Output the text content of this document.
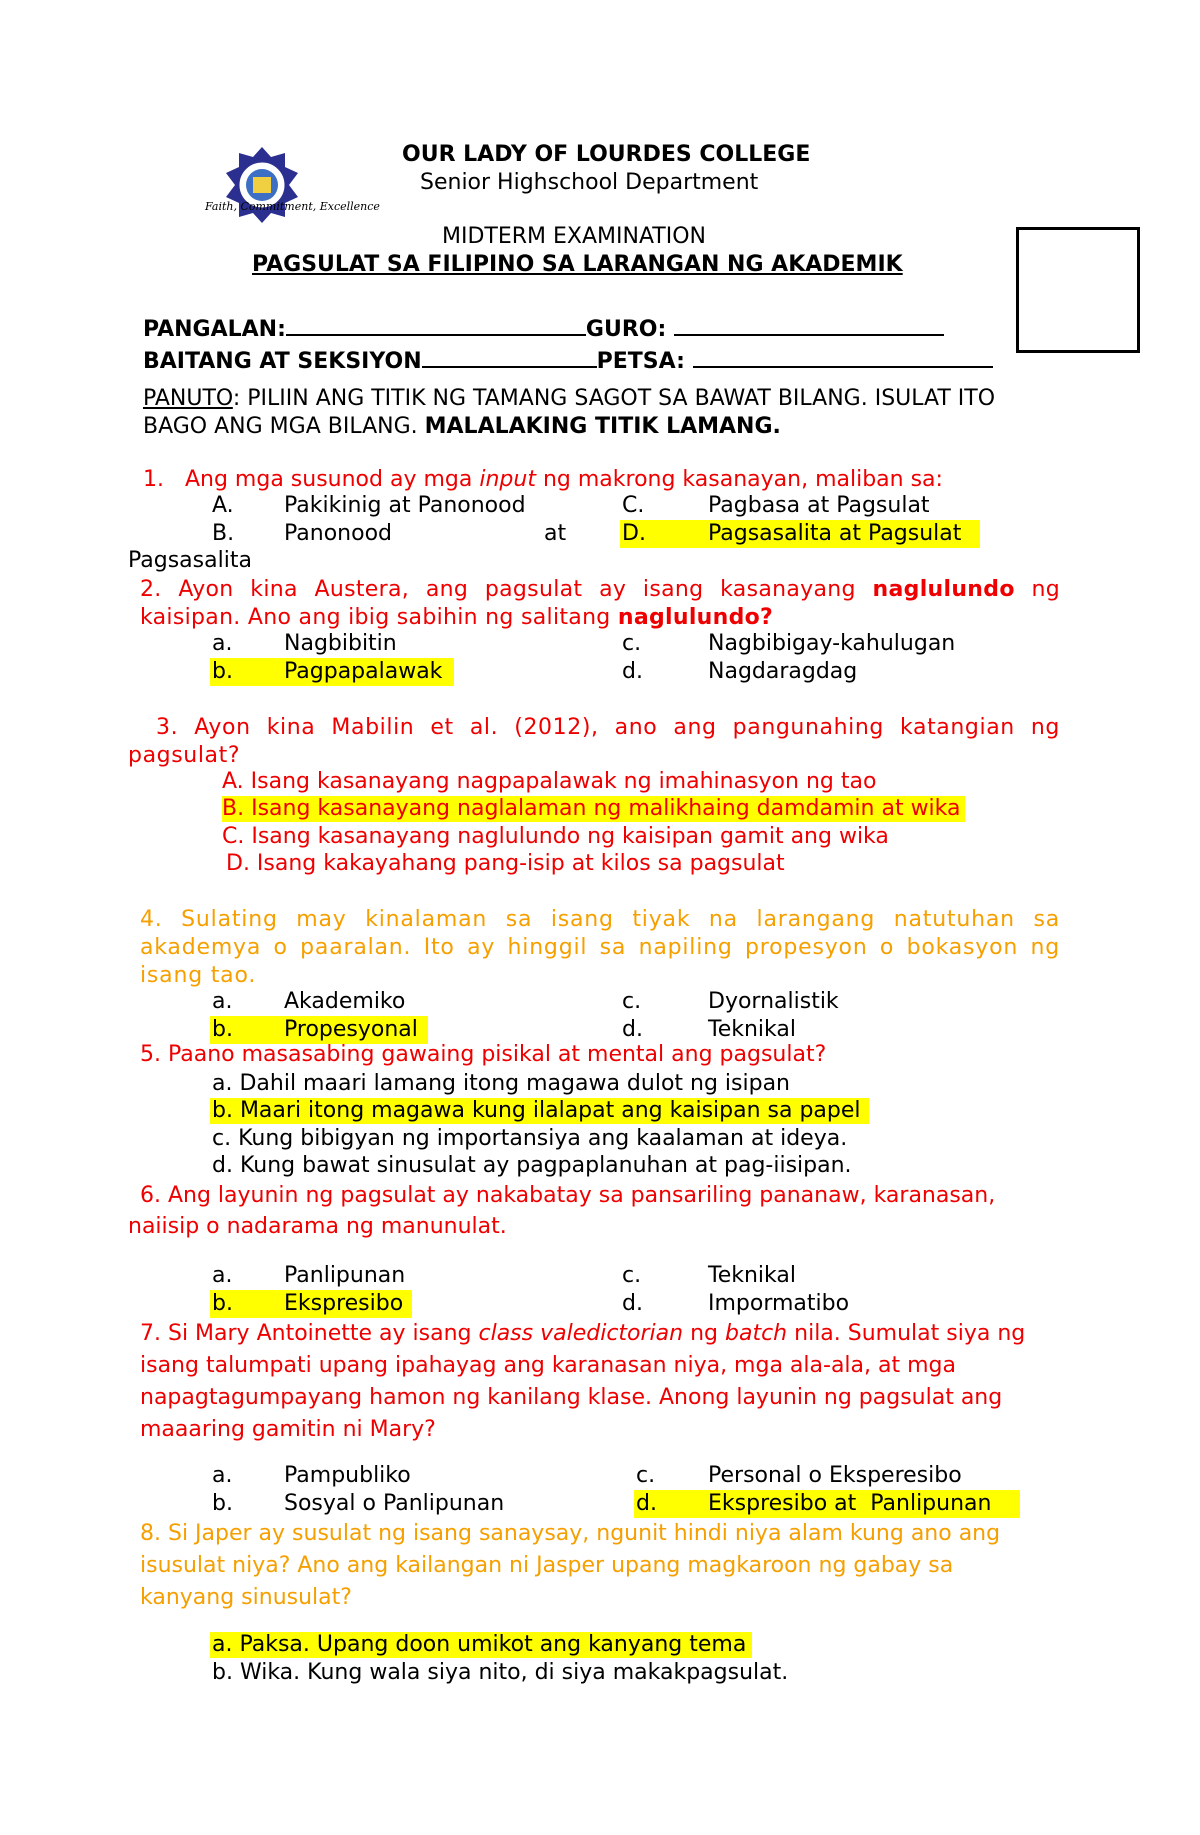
Faith, Commitment, Excellence
OUR LADY OF LOURDES COLLEGE
Senior Highschool Department
MIDTERM EXAMINATION
PAGSULAT SA FILIPINO SA LARANGAN NG AKADEMIK
PANGALAN:	GURO:
BAITANG AT SEKSIYON	PETSA:
PANUTO: PILIIN ANG TITIK NG TAMANG SAGOT SA BAWAT BILANG. ISULAT ITO BAGO ANG MGA BILANG. MALALAKING TITIK LAMANG.
1. Ang mga susunod ay mga input ng makrong kasanayan, maliban sa:
A. Pakikinig at Panonood	C.	Pagbasa at Pagsulat
B. Panonood	at	D.	Pagsasalita at Pagsulat
Pagsasalita
2. Ayon kina Austera, ang pagsulat ay isang kasanayang naglulundo ng kaisipan. Ano ang ibig sabihin ng salitang naglulundo?
a. Nagbibitin	c.	Nagbibigay-kahulugan
b. Pagpapalawak	d.	Nagdaragdag
3. Ayon kina Mabilin et al. (2012), ano ang pangunahing katangian ng pagsulat?
A. Isang kasanayang nagpapalawak ng imahinasyon ng tao
B. Isang kasanayang naglalaman ng malikhaing damdamin at wika
C. Isang kasanayang naglulundo ng kaisipan gamit ang wika
D. Isang kakayahang pang-isip at kilos sa pagsulat
4. Sulating may kinalaman sa isang tiyak na larangang natutuhan sa akademya o paaralan. Ito ay hinggil sa napiling propesyon o bokasyon ng isang tao.
a. Akademiko	c.	Dyornalistik
b. Propesyonal	d.	Teknikal
5. Paano masasabing gawaing pisikal at mental ang pagsulat?
a. Dahil maari lamang itong magawa dulot ng isipan
b. Maari itong magawa kung ilalapat ang kaisipan sa papel
c. Kung bibigyan ng importansiya ang kaalaman at ideya.
d. Kung bawat sinusulat ay pagpaplanuhan at pag-iisipan.
6. Ang layunin ng pagsulat ay nakabatay sa pansariling pananaw, karanasan, naiisip o nadarama ng manunulat.
a. Panlipunan	c.	Teknikal
b. Ekspresibo	d.	Impormatibo
7. Si Mary Antoinette ay isang class valedictorian ng batch nila. Sumulat siya ng isang talumpati upang ipahayag ang karanasan niya, mga ala-ala, at mga napagtagumpayang hamon ng kanilang klase. Anong layunin ng pagsulat ang maaaring gamitin ni Mary?
a. Pampubliko	c. Personal o Eksperesibo
b. Sosyal o Panlipunan	d. Ekspresibo at  Panlipunan
8. Si Japer ay susulat ng isang sanaysay, ngunit hindi niya alam kung ano ang isusulat niya? Ano ang kailangan ni Jasper upang magkaroon ng gabay sa kanyang sinusulat?
a. Paksa. Upang doon umikot ang kanyang tema
b. Wika. Kung wala siya nito, di siya makakpagsulat.
